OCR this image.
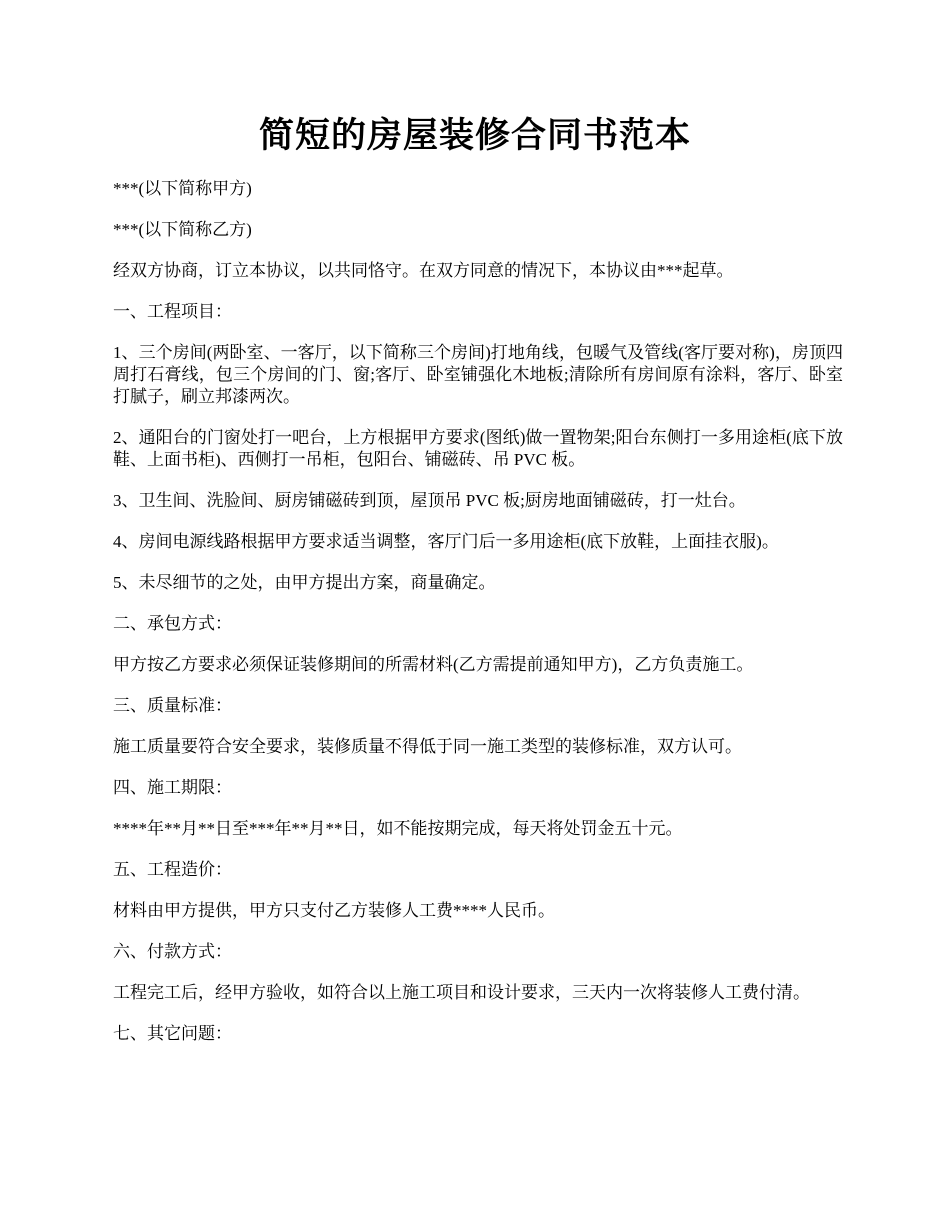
简短的房屋装修合同书范本

***(以下简称甲方)

***(以下简称乙方)

经双方协商，订立本协议，以共同恪守。在双方同意的情况下，本协议由***起草。

一、工程项目：

1、三个房间(两卧室、一客厅，以下简称三个房间)打地角线，包暖气及管线(客厅要对称)，房顶四周打石膏线，包三个房间的门、窗;客厅、卧室铺强化木地板;清除所有房间原有涂料，客厅、卧室打腻子，刷立邦漆两次。

2、通阳台的门窗处打一吧台，上方根据甲方要求(图纸)做一置物架;阳台东侧打一多用途柜(底下放鞋、上面书柜)、西侧打一吊柜，包阳台、铺磁砖、吊 PVC 板。

3、卫生间、洗脸间、厨房铺磁砖到顶，屋顶吊 PVC 板;厨房地面铺磁砖，打一灶台。

4、房间电源线路根据甲方要求适当调整，客厅门后一多用途柜(底下放鞋，上面挂衣服)。

5、未尽细节的之处，由甲方提出方案，商量确定。

二、承包方式：

甲方按乙方要求必须保证装修期间的所需材料(乙方需提前通知甲方)，乙方负责施工。

三、质量标准：

施工质量要符合安全要求，装修质量不得低于同一施工类型的装修标准，双方认可。

四、施工期限：

****年**月**日至***年**月**日，如不能按期完成，每天将处罚金五十元。

五、工程造价：

材料由甲方提供，甲方只支付乙方装修人工费****人民币。

六、付款方式：

工程完工后，经甲方验收，如符合以上施工项目和设计要求，三天内一次将装修人工费付清。

七、其它问题：
